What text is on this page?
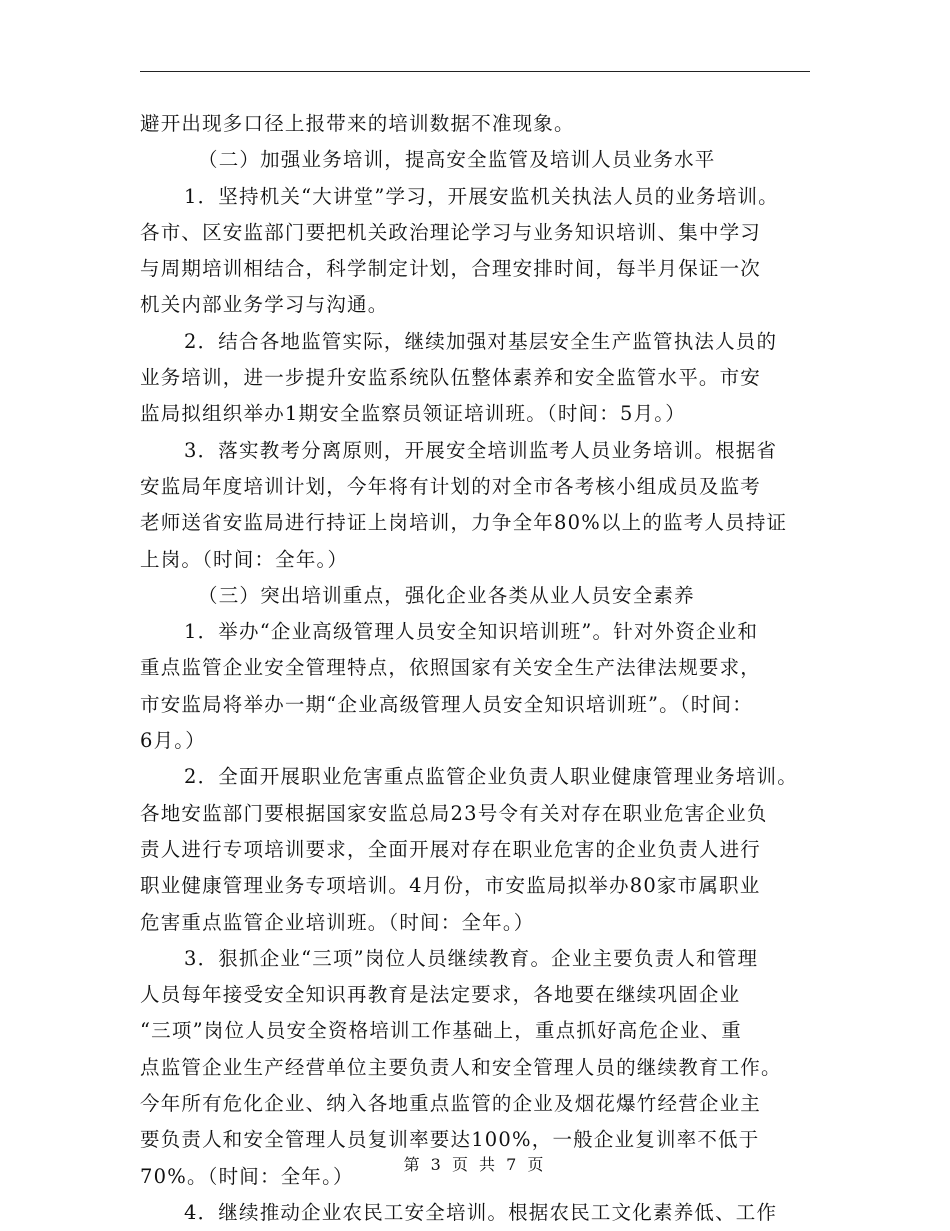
避开出现多口径上报带来的培训数据不准现象。
（二）加强业务培训，提高安全监管及培训人员业务水平
1．坚持机关“大讲堂”学习，开展安监机关执法人员的业务培训。
各市、区安监部门要把机关政治理论学习与业务知识培训、集中学习
与周期培训相结合，科学制定计划，合理安排时间，每半月保证一次
机关内部业务学习与沟通。
2．结合各地监管实际，继续加强对基层安全生产监管执法人员的
业务培训，进一步提升安监系统队伍整体素养和安全监管水平。市安
监局拟组织举办1期安全监察员领证培训班。（时间：5月。）
3．落实教考分离原则，开展安全培训监考人员业务培训。根据省
安监局年度培训计划，今年将有计划的对全市各考核小组成员及监考
老师送省安监局进行持证上岗培训，力争全年80%以上的监考人员持证
上岗。（时间：全年。）
（三）突出培训重点，强化企业各类从业人员安全素养
1．举办“企业高级管理人员安全知识培训班”。针对外资企业和
重点监管企业安全管理特点，依照国家有关安全生产法律法规要求，
市安监局将举办一期“企业高级管理人员安全知识培训班”。（时间：
6月。）
2．全面开展职业危害重点监管企业负责人职业健康管理业务培训。
各地安监部门要根据国家安监总局23号令有关对存在职业危害企业负
责人进行专项培训要求，全面开展对存在职业危害的企业负责人进行
职业健康管理业务专项培训。4月份，市安监局拟举办80家市属职业
危害重点监管企业培训班。（时间：全年。）
3．狠抓企业“三项”岗位人员继续教育。企业主要负责人和管理
人员每年接受安全知识再教育是法定要求，各地要在继续巩固企业
“三项”岗位人员安全资格培训工作基础上，重点抓好高危企业、重
点监管企业生产经营单位主要负责人和安全管理人员的继续教育工作。
今年所有危化企业、纳入各地重点监管的企业及烟花爆竹经营企业主
要负责人和安全管理人员复训率要达100%，一般企业复训率不低于
70%。（时间：全年。）
4．继续推动企业农民工安全培训。根据农民工文化素养低、工作
第 3 页 共 7 页
